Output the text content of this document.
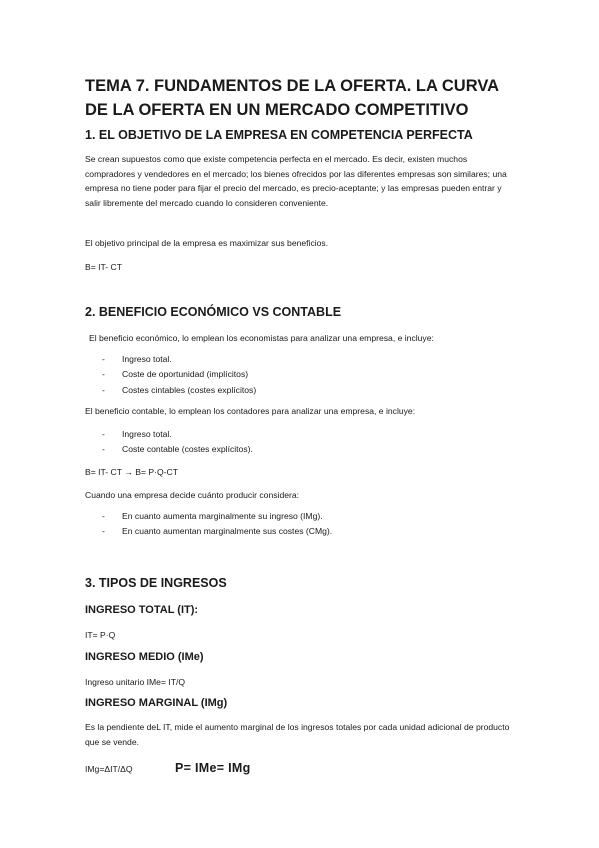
TEMA 7. FUNDAMENTOS DE LA OFERTA. LA CURVA DE LA OFERTA EN UN MERCADO COMPETITIVO
1. EL OBJETIVO DE LA EMPRESA EN COMPETENCIA PERFECTA

Se crean supuestos como que existe competencia perfecta en el mercado. Es decir, existen muchos compradores y vendedores en el mercado; los bienes ofrecidos por las diferentes empresas son similares; una empresa no tiene poder para fijar el precio del mercado, es precio-aceptante; y las empresas pueden entrar y salir libremente del mercado cuando lo consideren conveniente.

El objetivo principal de la empresa es maximizar sus beneficios.

B= IT- CT
2. BENEFICIO ECONÓMICO VS CONTABLE
El beneficio económico, lo emplean los economistas para analizar una empresa, e incluye:
- Ingreso total.
- Coste de oportunidad (implícitos)
- Costes cintables (costes explícitos)
El beneficio contable, lo emplean los contadores para analizar una empresa, e incluye:
- Ingreso total.
- Coste contable (costes explícitos).
B= IT- CT → B= P·Q-CT
Cuando una empresa decide cuánto producir considera:
- En cuanto aumenta marginalmente su ingreso (IMg).
- En cuanto aumentan marginalmente sus costes (CMg).
3. TIPOS DE INGRESOS
INGRESO TOTAL (IT):
IT= P·Q
INGRESO MEDIO (IMe)
Ingreso unitario IMe= IT/Q
INGRESO MARGINAL (IMg)

Es la pendiente deL IT, mide el aumento marginal de los ingresos totales por cada unidad adicional de producto que se vende.

IMg=ΔIT/ΔQ	P= IMe= IMg
